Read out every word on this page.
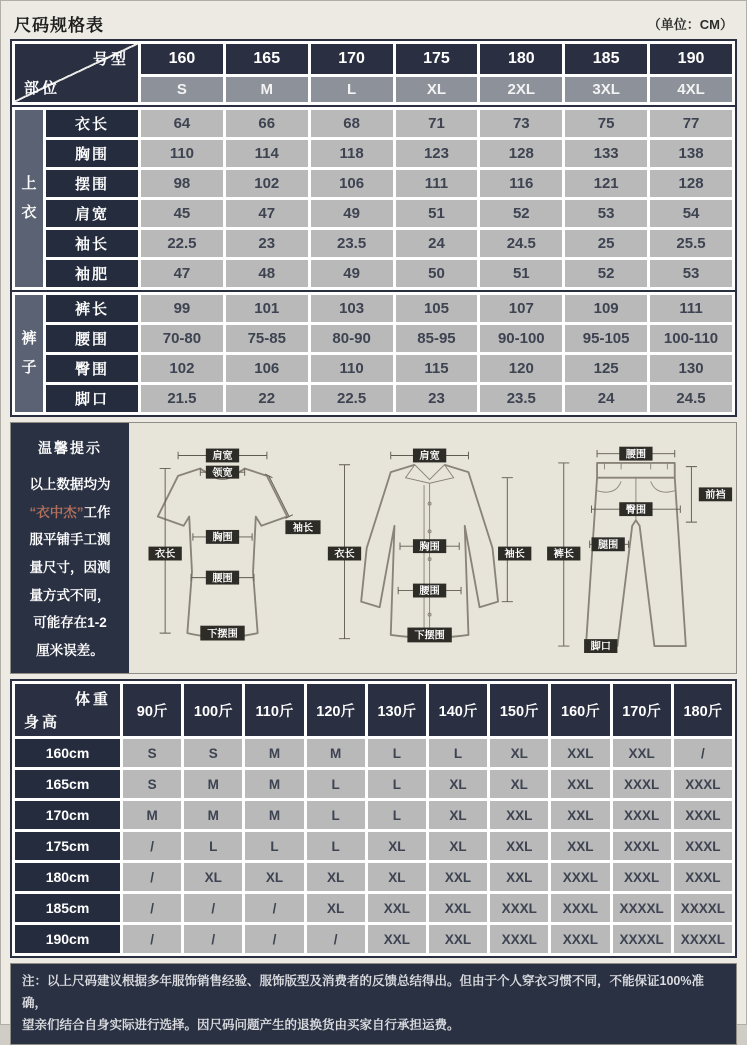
尺码规格表	（单位：CM）
号型
部位	160	165	170	175	180	185	190
	S	M	L	XL	2XL	3XL	4XL
上衣	衣长	64	66	68	71	73	75	77
	胸围	110	114	118	123	128	133	138
	摆围	98	102	106	111	116	121	128
	肩宽	45	47	49	51	52	53	54
	袖长	22.5	23	23.5	24	24.5	25	25.5
	袖肥	47	48	49	50	51	52	53
裤子	裤长	99	101	103	105	107	109	111
	腰围	70-80	75-85	80-90	85-95	90-100	95-105	100-110
	臀围	102	106	110	115	120	125	130
	脚口	21.5	22	22.5	23	23.5	24	24.5
温馨提示
以上数据均为
“衣中杰”工作
服平铺手工测
量尺寸，因测
量方式不同，
可能存在1-2
厘米误差。
肩宽
领宽
袖长
胸围
腰围
下摆围
衣长
肩宽
衣长	袖长
胸围
腰围
下摆围
腰围
前裆
臀围
腿围
裤长
脚口
体重
身高	90斤	100斤	110斤	120斤	130斤	140斤	150斤	160斤	170斤	180斤
160cm	S	S	M	M	L	L	XL	XXL	XXL	/
165cm	S	M	M	L	L	XL	XL	XXL	XXXL	XXXL
170cm	M	M	M	L	L	XL	XXL	XXL	XXXL	XXXL
175cm	/	L	L	L	XL	XL	XXL	XXL	XXXL	XXXL
180cm	/	XL	XL	XL	XL	XXL	XXL	XXXL	XXXL	XXXL
185cm	/	/	/	XL	XXL	XXL	XXXL	XXXL	XXXXL	XXXXL
190cm	/	/	/	/	XXL	XXL	XXXL	XXXL	XXXXL	XXXXL
注：以上尺码建议根据多年服饰销售经验、服饰版型及消费者的反馈总结得出。但由于个人穿衣习惯不同，不能保证100%准确，
望亲们结合自身实际进行选择。因尺码问题产生的退换货由买家自行承担运费。
